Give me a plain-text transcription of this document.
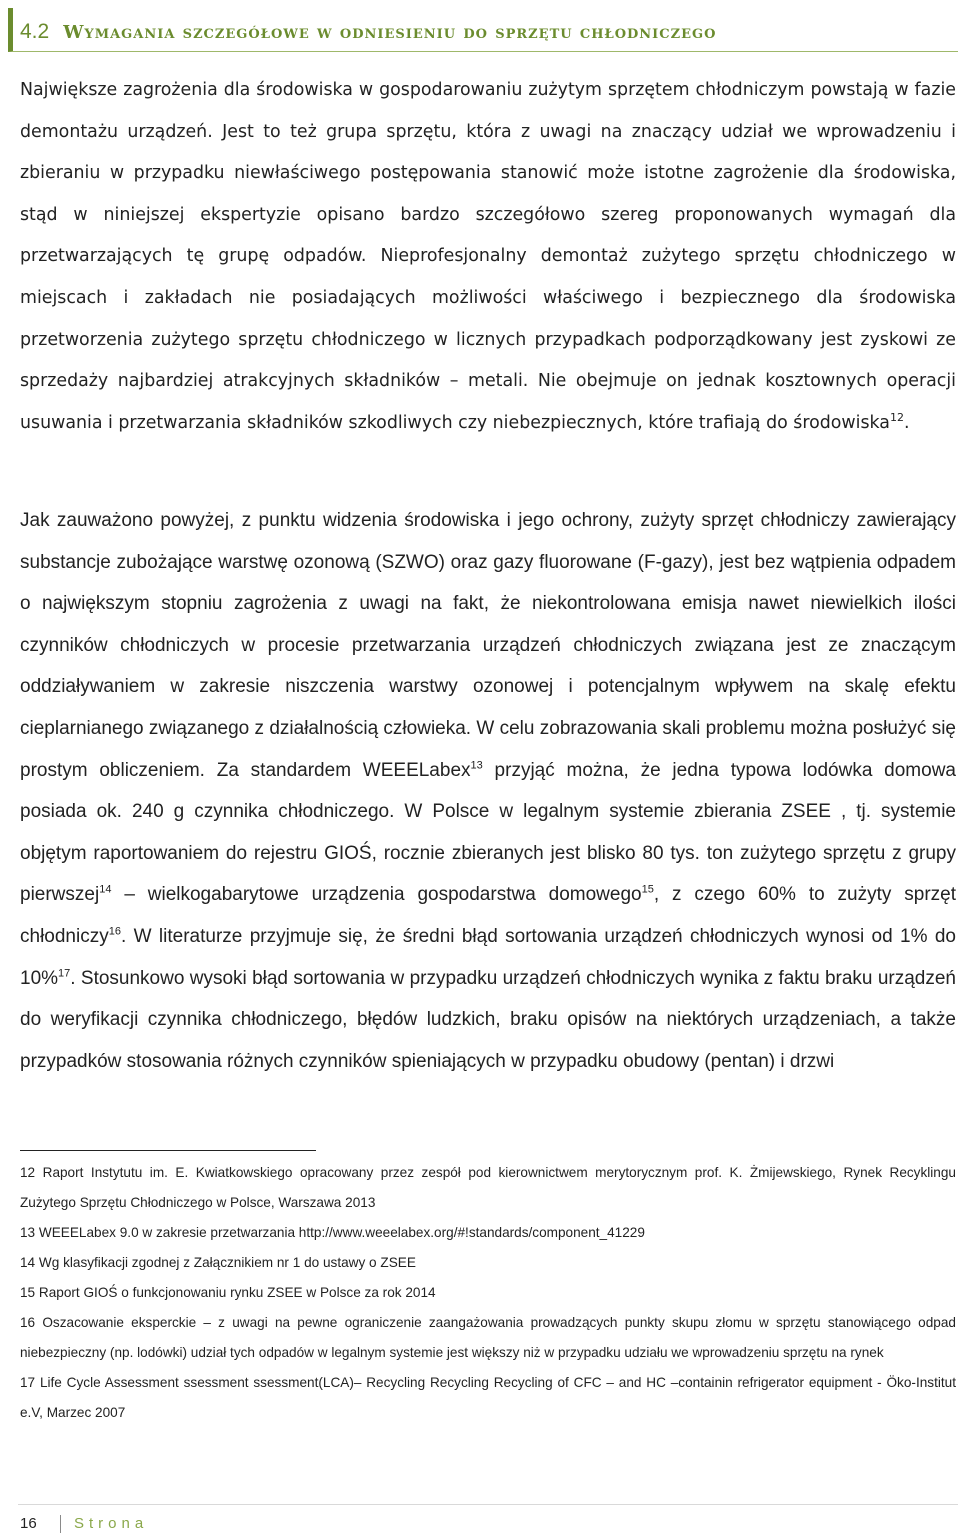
4.2 Wymagania szczegółowe w odniesieniu do sprzętu chłodniczego

Największe zagrożenia dla środowiska w gospodarowaniu zużytym sprzętem chłodniczym powstają w fazie demontażu urządzeń. Jest to też grupa sprzętu, która z uwagi na znaczący udział we wprowadzeniu i zbieraniu w przypadku niewłaściwego postępowania stanowić może istotne zagrożenie dla środowiska, stąd w niniejszej ekspertyzie opisano bardzo szczegółowo szereg proponowanych wymagań dla przetwarzających tę grupę odpadów. Nieprofesjonalny demontaż zużytego sprzętu chłodniczego w miejscach i zakładach nie posiadających możliwości właściwego i bezpiecznego dla środowiska przetworzenia zużytego sprzętu chłodniczego w licznych przypadkach podporządkowany jest zyskowi ze sprzedaży najbardziej atrakcyjnych składników – metali. Nie obejmuje on jednak kosztownych operacji usuwania i przetwarzania składników szkodliwych czy niebezpiecznych, które trafiają do środowiska$^{12}$.

Jak zauważono powyżej, z punktu widzenia środowiska i jego ochrony, zużyty sprzęt chłodniczy zawierający substancje zubożające warstwę ozonową (SZWO) oraz gazy fluorowane (F-gazy), jest bez wątpienia odpadem o największym stopniu zagrożenia z uwagi na fakt, że niekontrolowana emisja nawet niewielkich ilości czynników chłodniczych w procesie przetwarzania urządzeń chłodniczych związana jest ze znaczącym oddziaływaniem w zakresie niszczenia warstwy ozonowej i potencjalnym wpływem na skalę efektu cieplarnianego związanego z działalnością człowieka. W celu zobrazowania skali problemu można posłużyć się prostym obliczeniem. Za standardem WEEELabex$^{13}$ przyjąć można, że jedna typowa lodówka domowa posiada ok. 240 g czynnika chłodniczego. W Polsce w legalnym systemie zbierania ZSEE , tj. systemie objętym raportowaniem do rejestru GIOŚ, rocznie zbieranych jest blisko 80 tys. ton zużytego sprzętu z grupy pierwszej$^{14}$ – wielkogabarytowe urządzenia gospodarstwa domowego$^{15}$, z czego 60% to zużyty sprzęt chłodniczy$^{16}$. W literaturze przyjmuje się, że średni błąd sortowania urządzeń chłodniczych wynosi od 1% do 10%$^{17}$. Stosunkowo wysoki błąd sortowania w przypadku urządzeń chłodniczych wynika z faktu braku urządzeń do weryfikacji czynnika chłodniczego, błędów ludzkich, braku opisów na niektórych urządzeniach, a także przypadków stosowania różnych czynników spieniających w przypadku obudowy (pentan) i drzwi

12 Raport Instytutu im. E. Kwiatkowskiego opracowany przez zespół pod kierownictwem merytorycznym prof. K. Żmijewskiego, Rynek Recyklingu Zużytego Sprzętu Chłodniczego w Polsce, Warszawa 2013

13 WEEELabex 9.0 w zakresie przetwarzania http://www.weeelabex.org/#!standards/component_41229

14 Wg klasyfikacji zgodnej z Załącznikiem nr 1 do ustawy o ZSEE

15 Raport GIOŚ o funkcjonowaniu rynku ZSEE w Polsce za rok 2014

16 Oszacowanie eksperckie – z uwagi na pewne ograniczenie zaangażowania prowadzących punkty skupu złomu w sprzętu stanowiącego odpad niebezpieczny (np. lodówki) udział tych odpadów w legalnym systemie jest większy niż w przypadku udziału we wprowadzeniu sprzętu na rynek

17 Life Cycle Assessment ssessment ssessment(LCA)– Recycling Recycling Recycling of CFC – and HC –containin refrigerator equipment - Öko-Institut e.V, Marzec 2007

16 Strona
